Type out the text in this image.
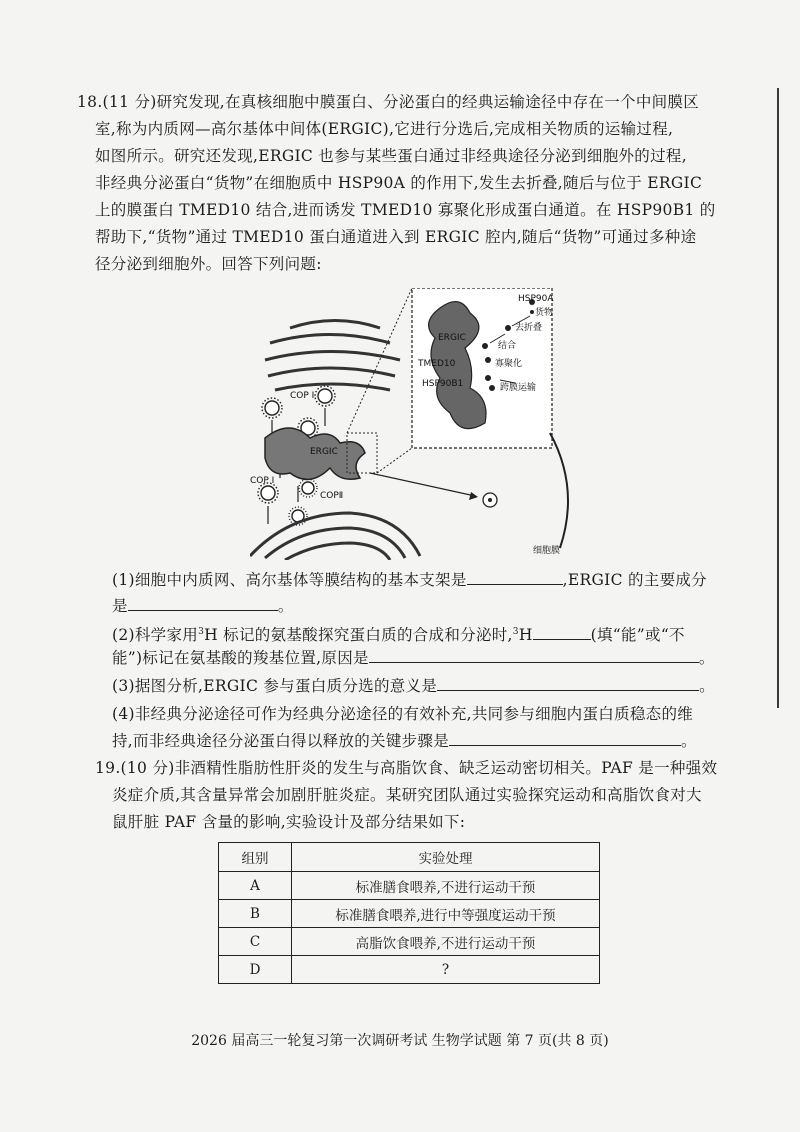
18.(11 分)研究发现,在真核细胞中膜蛋白、分泌蛋白的经典运输途径中存在一个中间膜区
室,称为内质网—高尔基体中间体(ERGIC),它进行分选后,完成相关物质的运输过程,
如图所示。研究还发现,ERGIC 也参与某些蛋白通过非经典途径分泌到细胞外的过程,
非经典分泌蛋白“货物”在细胞质中 HSP90A 的作用下,发生去折叠,随后与位于 ERGIC
上的膜蛋白 TMED10 结合,进而诱发 TMED10 寡聚化形成蛋白通道。在 HSP90B1 的
帮助下,“货物”通过 TMED10 蛋白通道进入到 ERGIC 腔内,随后“货物”可通过多种途
径分泌到细胞外。回答下列问题:
HSP90A
货物
ERGIC
去折叠
结合
TMED10	寡聚化
HSP90B1	跨膜运输
COP Ⅰ
ERGIC
COP Ⅰ
COPⅡ
细胞膜
(1)细胞中内质网、高尔基体等膜结构的基本支架是	,ERGIC 的主要成分
是	。
(2)科学家用$^3$H 标记的氨基酸探究蛋白质的合成和分泌时,$^3$H	(填“能”或“不
能”)标记在氨基酸的羧基位置,原因是	。
(3)据图分析,ERGIC 参与蛋白质分选的意义是	。
(4)非经典分泌途径可作为经典分泌途径的有效补充,共同参与细胞内蛋白质稳态的维
持,而非经典途径分泌蛋白得以释放的关键步骤是	。
19.(10 分)非酒精性脂肪性肝炎的发生与高脂饮食、缺乏运动密切相关。PAF 是一种强效
炎症介质,其含量异常会加剧肝脏炎症。某研究团队通过实验探究运动和高脂饮食对大
鼠肝脏 PAF 含量的影响,实验设计及部分结果如下:
组别	实验处理
A	标准膳食喂养,不进行运动干预
B	标准膳食喂养,进行中等强度运动干预
C	高脂饮食喂养,不进行运动干预
D	?
2026 届高三一轮复习第一次调研考试 生物学试题 第 7 页(共 8 页)
